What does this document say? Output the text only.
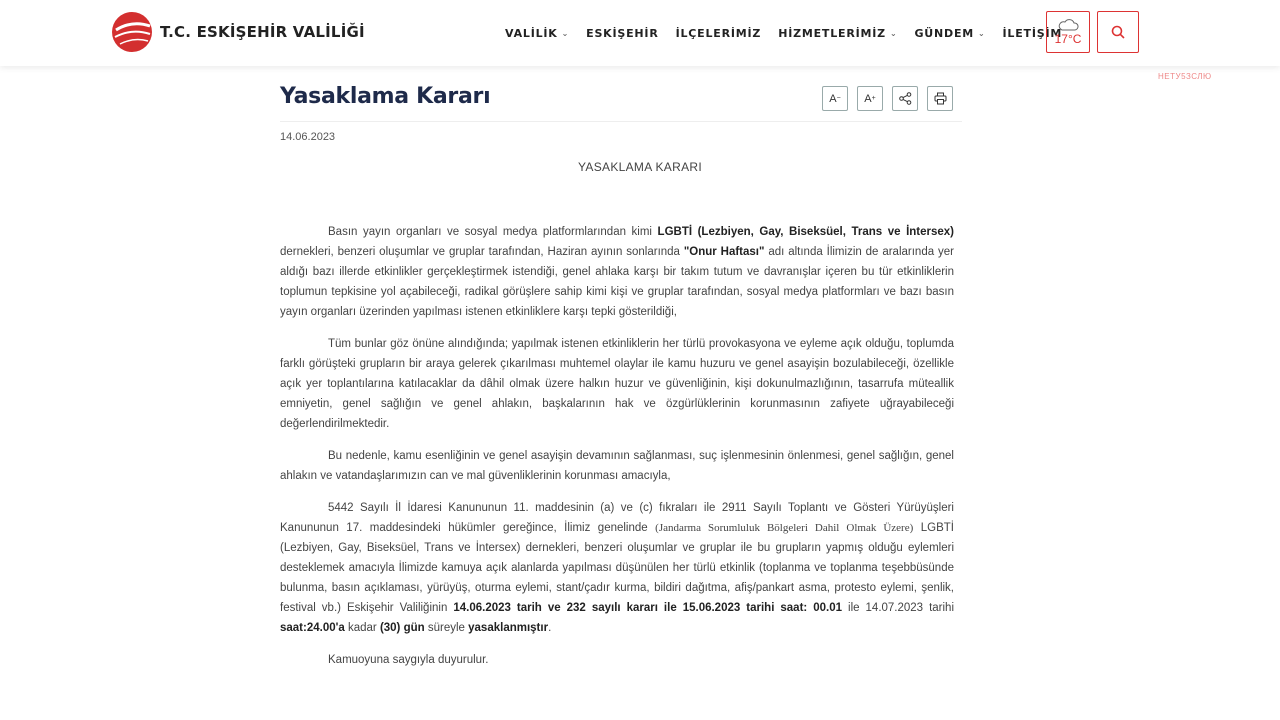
T.C. ESKİŞEHİR VALİLİĞİ	VALİLİK ⌄ ESKİŞEHİR İLÇELERİMİZ HİZMETLERİMİZ ⌄ GÜNDEM ⌄ İLETİŞİM
17°C
НЕТУ5ЗСЛЮ
Yasaklama Kararı	A − A +
14.06.2023
YASAKLAMA KARARI

Basın yayın organları ve sosyal medya platformlarından kimi LGBTİ (Lezbiyen, Gay, Biseksüel, Trans ve İntersex) dernekleri, benzeri oluşumlar ve gruplar tarafından, Haziran ayının sonlarında "Onur Haftası" adı altında İlimizin de aralarında yer aldığı bazı illerde etkinlikler gerçekleştirmek istendiği, genel ahlaka karşı bir takım tutum ve davranışlar içeren bu tür etkinliklerin toplumun tepkisine yol açabileceği, radikal görüşlere sahip kimi kişi ve gruplar tarafından, sosyal medya platformları ve bazı basın yayın organları üzerinden yapılması istenen etkinliklere karşı tepki gösterildiği,

Tüm bunlar göz önüne alındığında; yapılmak istenen etkinliklerin her türlü provokasyona ve eyleme açık olduğu, toplumda farklı görüşteki grupların bir araya gelerek çıkarılması muhtemel olaylar ile kamu huzuru ve genel asayişin bozulabileceği, özellikle açık yer toplantılarına katılacaklar da dâhil olmak üzere halkın huzur ve güvenliğinin, kişi dokunulmazlığının, tasarrufa müteallik emniyetin, genel sağlığın ve genel ahlakın, başkalarının hak ve özgürlüklerinin korunmasının zafiyete uğrayabileceği değerlendirilmektedir.

Bu nedenle, kamu esenliğinin ve genel asayişin devamının sağlanması, suç işlenmesinin önlenmesi, genel sağlığın, genel ahlakın ve vatandaşlarımızın can ve mal güvenliklerinin korunması amacıyla,

5442 Sayılı İl İdaresi Kanununun 11. maddesinin (a) ve (c) fıkraları ile 2911 Sayılı Toplantı ve Gösteri Yürüyüşleri Kanununun 17. maddesindeki hükümler gereğince, İlimiz genelinde (Jandarma Sorumluluk Bölgeleri Dahil Olmak Üzere) LGBTİ (Lezbiyen, Gay, Biseksüel, Trans ve İntersex) dernekleri, benzeri oluşumlar ve gruplar ile bu grupların yapmış olduğu eylemleri desteklemek amacıyla İlimizde kamuya açık alanlarda yapılması düşünülen her türlü etkinlik (toplanma ve toplanma teşebbüsünde bulunma, basın açıklaması, yürüyüş, oturma eylemi, stant/çadır kurma, bildiri dağıtma, afiş/pankart asma, protesto eylemi, şenlik, festival vb.) Eskişehir Valiliğinin 14.06.2023 tarih ve 232 sayılı kararı ile 15.06.2023 tarihi saat: 00.01 ile 14.07.2023 tarihi saat:24.00'a kadar (30) gün süreyle yasaklanmıştır.

Kamuoyuna saygıyla duyurulur.
